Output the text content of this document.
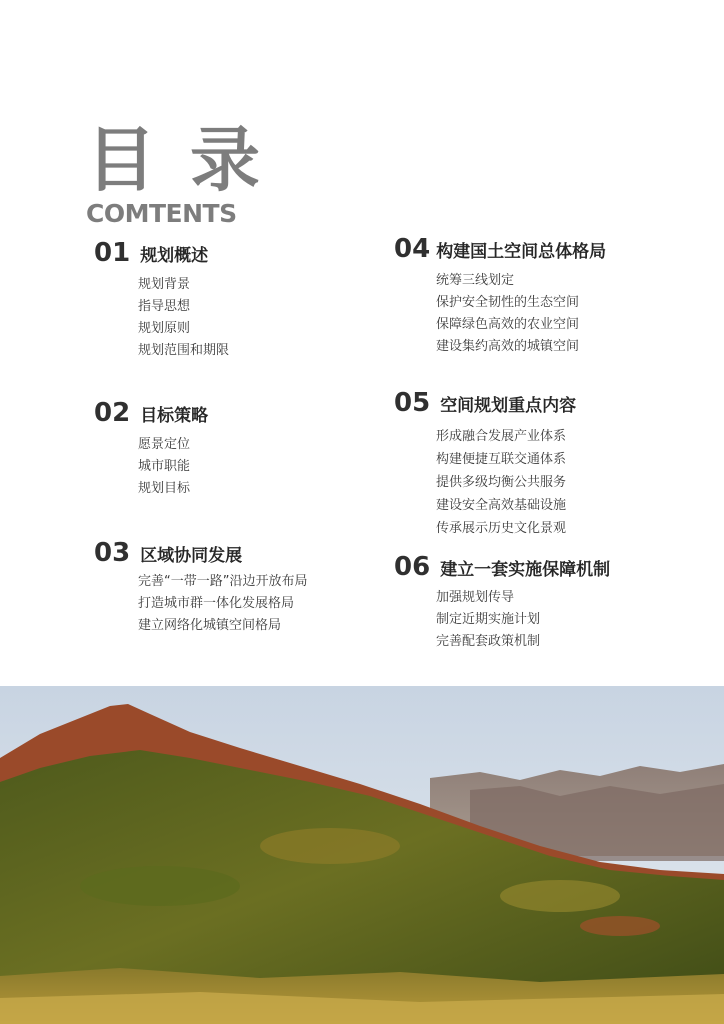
目录
COMTENTS
01 规划概述
规划背景
指导思想
规划原则
规划范围和期限
02 目标策略
愿景定位
城市职能
规划目标
03 区域协同发展
完善“一带一路”沿边开放布局
打造城市群一体化发展格局
建立网络化城镇空间格局
04 构建国土空间总体格局
统筹三线划定
保护安全韧性的生态空间
保障绿色高效的农业空间
建设集约高效的城镇空间
05 空间规划重点内容
形成融合发展产业体系
构建便捷互联交通体系
提供多级均衡公共服务
建设安全高效基础设施
传承展示历史文化景观
06 建立一套实施保障机制
加强规划传导
制定近期实施计划
完善配套政策机制
